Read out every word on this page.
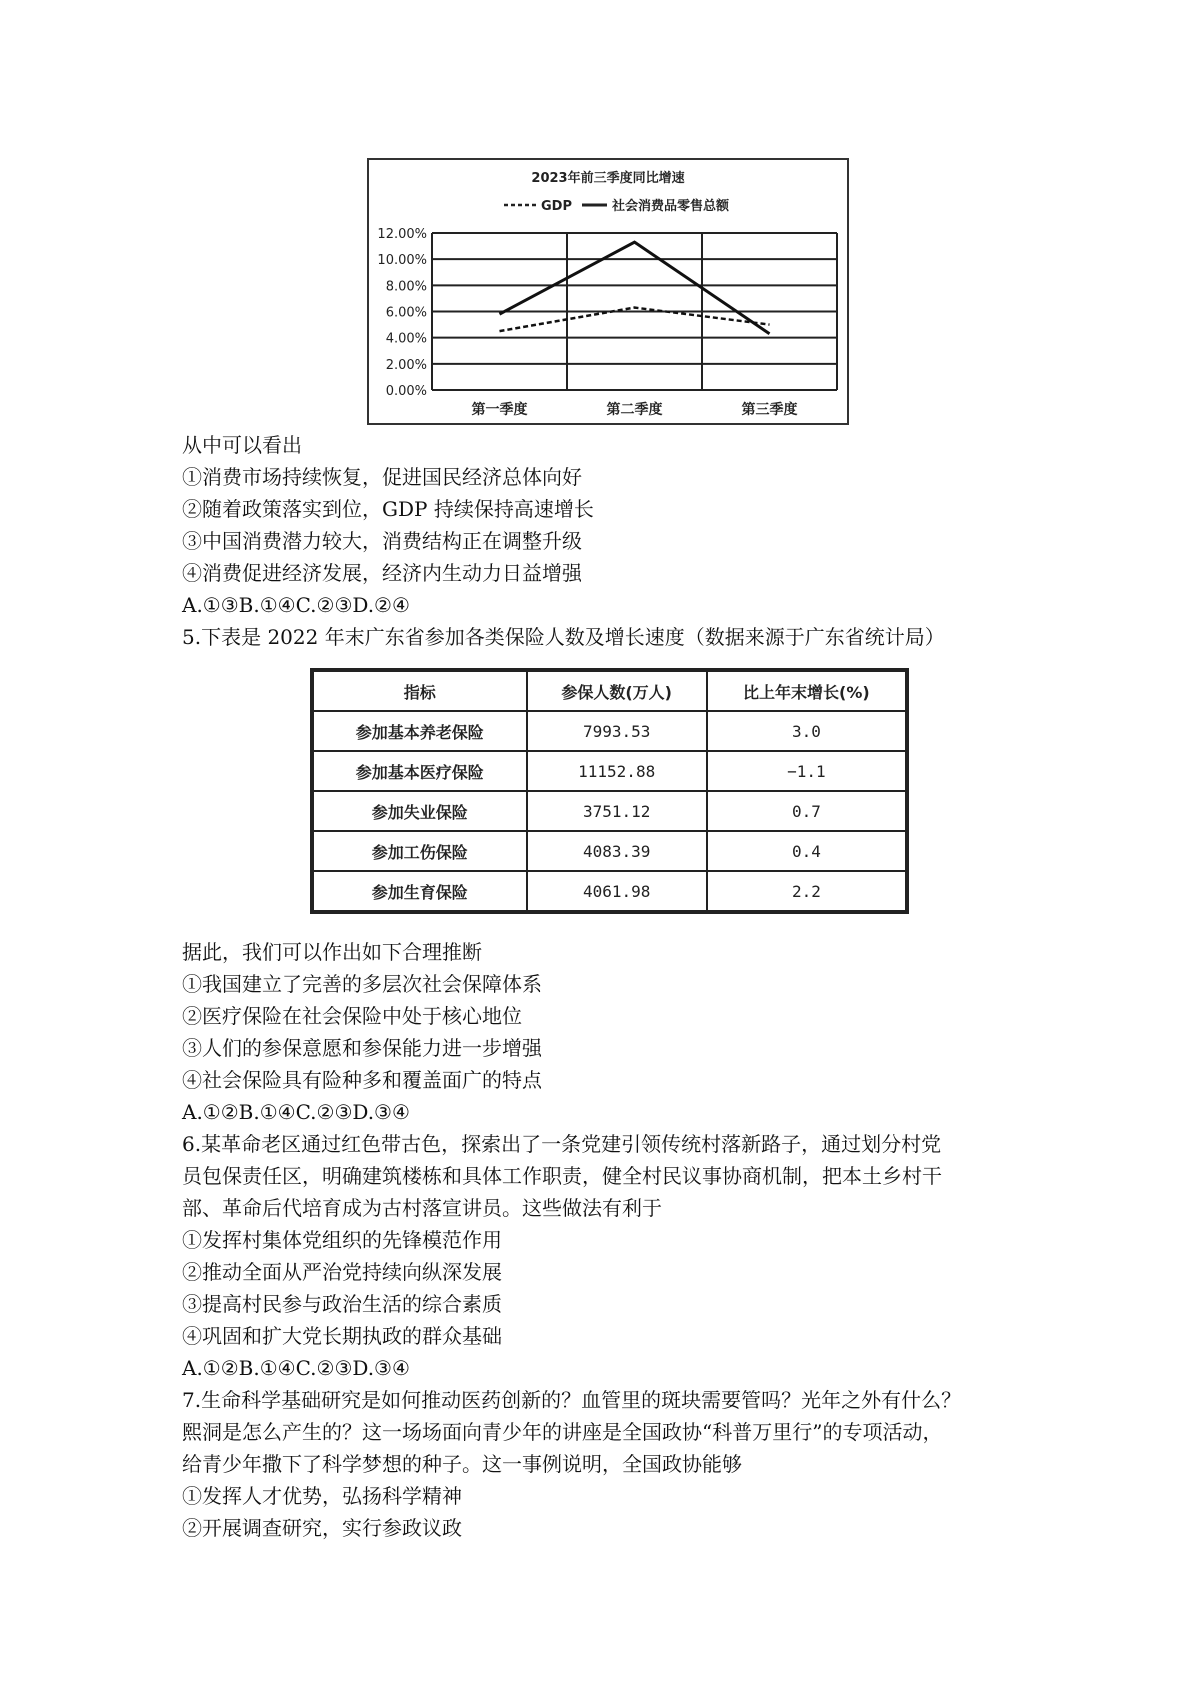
2023年前三季度同比增速
GDP	社会消费品零售总额
12.00%
10.00%
8.00%
6.00%
4.00%
2.00%
0.00%
第一季度	第二季度	第三季度
从中可以看出
①消费市场持续恢复，促进国民经济总体向好
②随着政策落实到位，GDP 持续保持高速增长
③中国消费潜力较大，消费结构正在调整升级
④消费促进经济发展，经济内生动力日益增强
A.①③B.①④C.②③D.②④
5.下表是 2022 年末广东省参加各类保险人数及增长速度（数据来源于广东省统计局）
指标	参保人数(万人)	比上年末增长(%)
参加基本养老保险	7993.53	3.0
参加基本医疗保险	11152.88	−1.1
参加失业保险	3751.12	0.7
参加工伤保险	4083.39	0.4
参加生育保险	4061.98	2.2
据此，我们可以作出如下合理推断
①我国建立了完善的多层次社会保障体系
②医疗保险在社会保险中处于核心地位
③人们的参保意愿和参保能力进一步增强
④社会保险具有险种多和覆盖面广的特点
A.①②B.①④C.②③D.③④
6.某革命老区通过红色带古色，探索出了一条党建引领传统村落新路子，通过划分村党
员包保责任区，明确建筑楼栋和具体工作职责，健全村民议事协商机制，把本土乡村干
部、革命后代培育成为古村落宣讲员。这些做法有利于
①发挥村集体党组织的先锋模范作用
②推动全面从严治党持续向纵深发展
③提高村民参与政治生活的综合素质
④巩固和扩大党长期执政的群众基础
A.①②B.①④C.②③D.③④
7.生命科学基础研究是如何推动医药创新的？血管里的斑块需要管吗？光年之外有什么？
熙洞是怎么产生的？这一场场面向青少年的讲座是全国政协“科普万里行”的专项活动，
给青少年撒下了科学梦想的种子。这一事例说明，全国政协能够
①发挥人才优势，弘扬科学精神
②开展调查研究，实行参政议政
